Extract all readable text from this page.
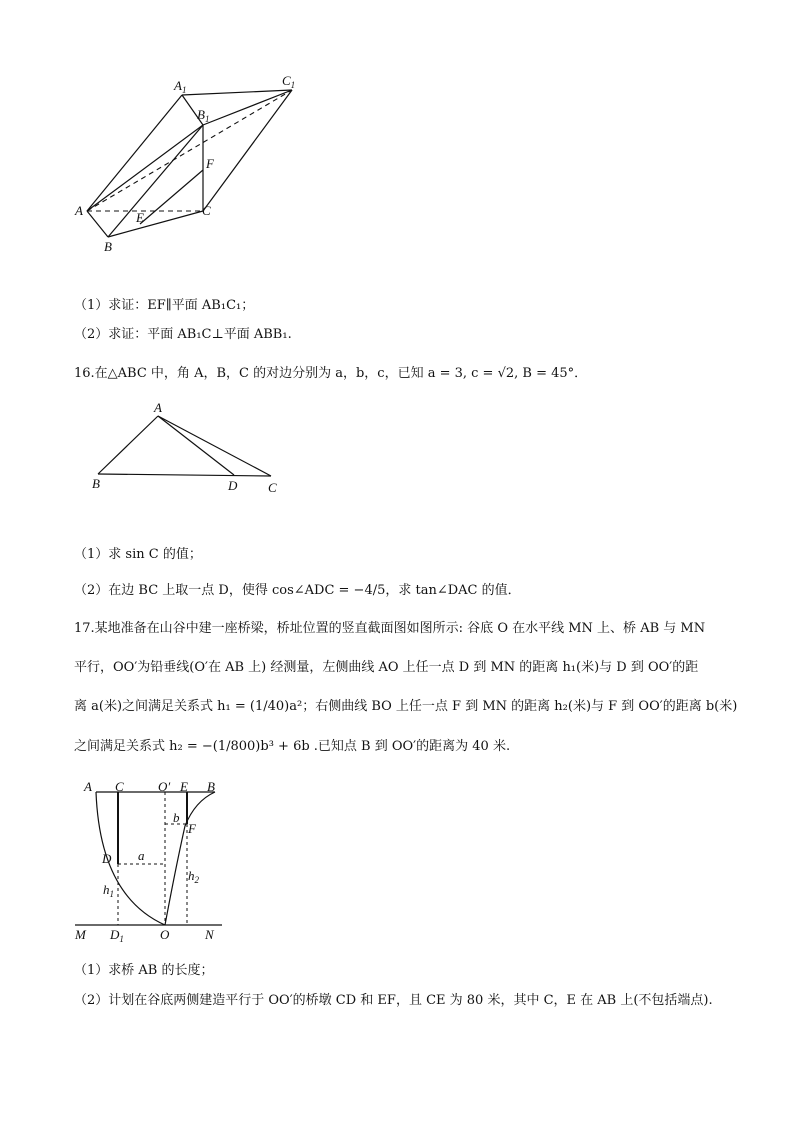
$A_1$
$C_1$
$B_1$
F
A	E	C
B
（1）求证：EF∥平面 AB₁C₁；
（2）求证：平面 AB₁C⊥平面 ABB₁.
16.在△ABC 中，角 A，B，C 的对边分别为 a，b，c，已知 a = 3, c = √2, B = 45°．
A
B	D C
（1）求 sin C 的值；
（2）在边 BC 上取一点 D，使得 cos∠ADC = −4/5，求 tan∠DAC 的值．
17.某地准备在山谷中建一座桥梁，桥址位置的竖直截面图如图所示: 谷底 O 在水平线 MN 上、桥 AB 与 MN
平行，OO′为铅垂线(O′在 AB 上) 经测量，左侧曲线 AO 上任一点 D 到 MN 的距离 h₁(米)与 D 到 OO′的距
离 a(米)之间满足关系式 h₁ = (1/40)a²；右侧曲线 BO 上任一点 F 到 MN 的距离 h₂(米)与 F 到 OO′的距离 b(米)
之间满足关系式 h₂ = −(1/800)b³ + 6b .已知点 B 到 OO′的距离为 40 米.
A C	O′ E B
b
F
D a
$h_1$
$h_2$
M $D_1$	O	N
（1）求桥 AB 的长度；
（2）计划在谷底两侧建造平行于 OO′的桥墩 CD 和 EF，且 CE 为 80 米，其中 C，E 在 AB 上(不包括端点).
